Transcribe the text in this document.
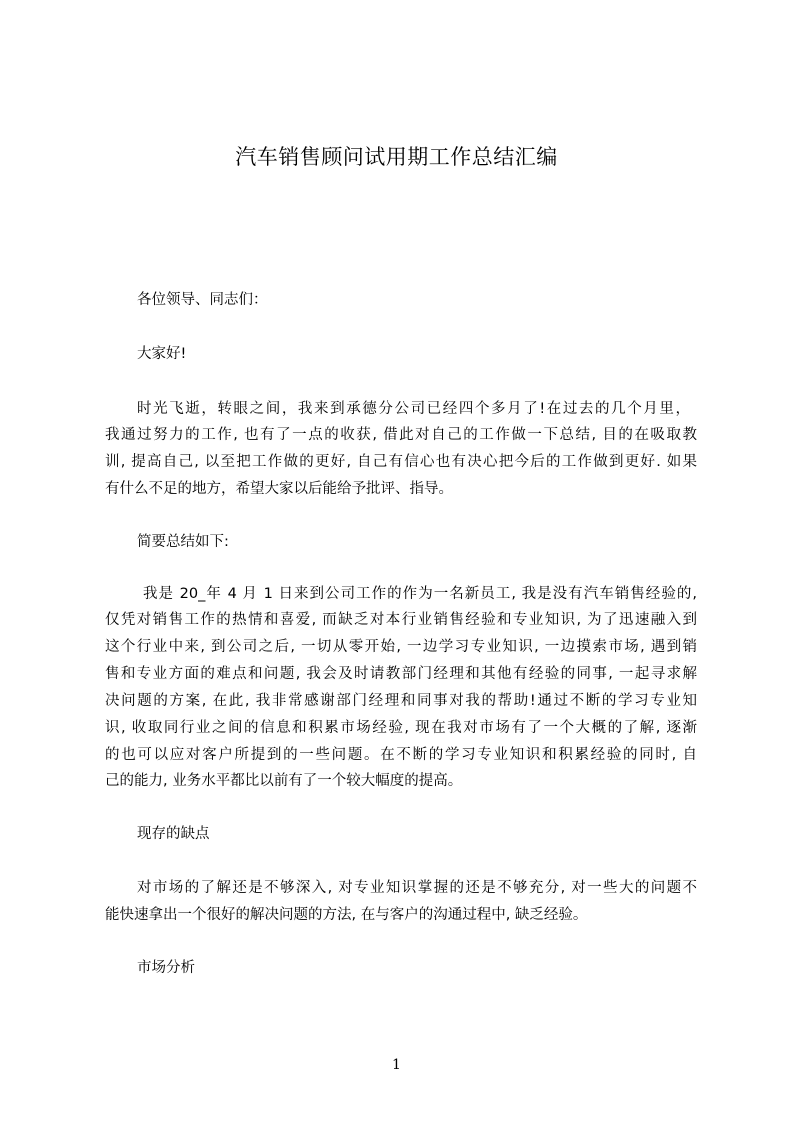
汽车销售顾问试用期工作总结汇编
各位领导、同志们：
大家好!
时光飞逝，转眼之间，我来到承德分公司已经四个多月了!在过去的几个月里，
我通过努力的工作, 也有了一点的收获, 借此对自己的工作做一下总结, 目的在吸取教
训, 提高自己, 以至把工作做的更好, 自己有信心也有决心把今后的工作做到更好. 如果
有什么不足的地方，希望大家以后能给予批评、指导。
简要总结如下:
我是 20_年 4 月 1 日来到公司工作的作为一名新员工, 我是没有汽车销售经验的,
仅凭对销售工作的热情和喜爱, 而缺乏对本行业销售经验和专业知识, 为了迅速融入到
这个行业中来, 到公司之后, 一切从零开始, 一边学习专业知识, 一边摸索市场, 遇到销
售和专业方面的难点和问题, 我会及时请教部门经理和其他有经验的同事, 一起寻求解
决问题的方案, 在此, 我非常感谢部门经理和同事对我的帮助!通过不断的学习专业知
识, 收取同行业之间的信息和积累市场经验, 现在我对市场有了一个大概的了解, 逐渐
的也可以应对客户所提到的一些问题。在不断的学习专业知识和积累经验的同时, 自
己的能力, 业务水平都比以前有了一个较大幅度的提高。
现存的缺点
对市场的了解还是不够深入, 对专业知识掌握的还是不够充分, 对一些大的问题不
能快速拿出一个很好的解决问题的方法, 在与客户的沟通过程中, 缺乏经验。
市场分析
1
